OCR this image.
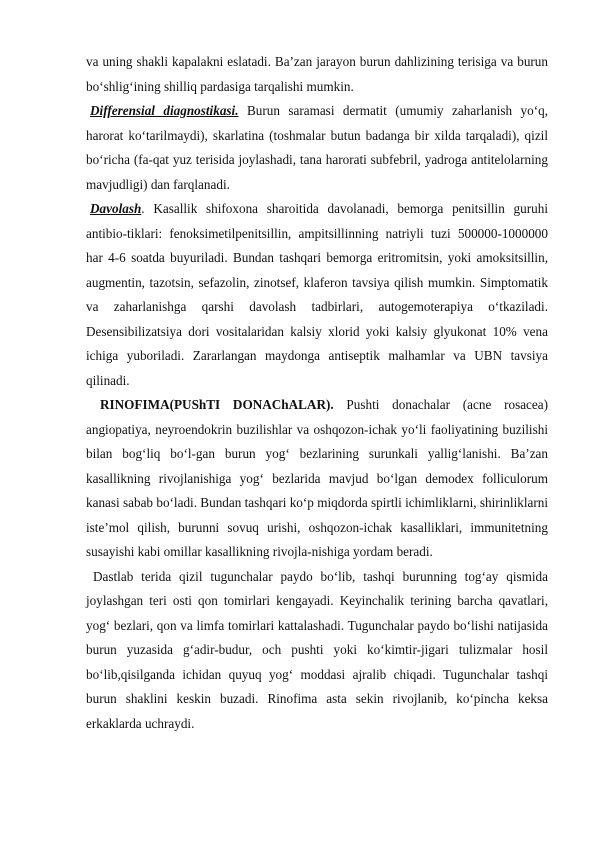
va uning shakli kapalakni eslatadi. Ba’zan jarayon burun dahlizining terisiga va burun bo‘shlig‘ining shilliq pardasiga tarqalishi mumkin.

Differensial diagnostikasi. Burun saramasi dermatit (umumiy zaharlanish yo‘q, harorat ko‘tarilmaydi), skarlatina (toshmalar butun badanga bir xilda tarqaladi), qizil bo‘richa (fa-qat yuz terisida joylashadi, tana harorati subfebril, yadroga antitelolarning mavjudligi) dan farqlanadi.

Davolash. Kasallik shifoxona sharoitida davolanadi, bemorga penitsillin guruhi antibio-tiklari: fenoksimetilpenitsillin, ampitsillinning natriyli tuzi 500000-1000000 har 4-6 soatda buyuriladi. Bundan tashqari bemorga eritromitsin, yoki amoksitsillin, augmentin, tazotsin, sefazolin, zinotsef, klaferon tavsiya qilish mumkin. Simptomatik va zaharlanishga qarshi davolash tadbirlari, autogemoterapiya o‘tkaziladi. Desensibilizatsiya dori vositalaridan kalsiy xlorid yoki kalsiy glyukonat 10% vena ichiga yuboriladi. Zararlangan maydonga antiseptik malhamlar va UBN tavsiya qilinadi.

RINOFIMA(PUShTI DONAChALAR). Pushti donachalar (acne rosacea) angiopatiya, neyroendokrin buzilishlar va oshqozon-ichak yo‘li faoliyatining buzilishi bilan bog‘liq bo‘l-gan burun yog‘ bezlarining surunkali yallig‘lanishi. Ba’zan kasallikning rivojlanishiga yog‘ bezlarida mavjud bo‘lgan demodex folliculorum kanasi sabab bo‘ladi. Bundan tashqari ko‘p miqdorda spirtli ichimliklarni, shirinliklarni iste’mol qilish, burunni sovuq urishi, oshqozon-ichak kasalliklari, immunitetning susayishi kabi omillar kasallikning rivojla-nishiga yordam beradi.

Dastlab terida qizil tugunchalar paydo bo‘lib, tashqi burunning tog‘ay qismida joylashgan teri osti qon tomirlari kengayadi. Keyinchalik terining barcha qavatlari, yog‘ bezlari, qon va limfa tomirlari kattalashadi. Tugunchalar paydo bo‘lishi natijasida burun yuzasida g‘adir-budur, och pushti yoki ko‘kimtir-jigari tulizmalar hosil bo‘lib,qisilganda ichidan quyuq yog‘ moddasi ajralib chiqadi. Tugunchalar tashqi burun shaklini keskin buzadi. Rinofima asta sekin rivojlanib, ko‘pincha keksa erkaklarda uchraydi.
